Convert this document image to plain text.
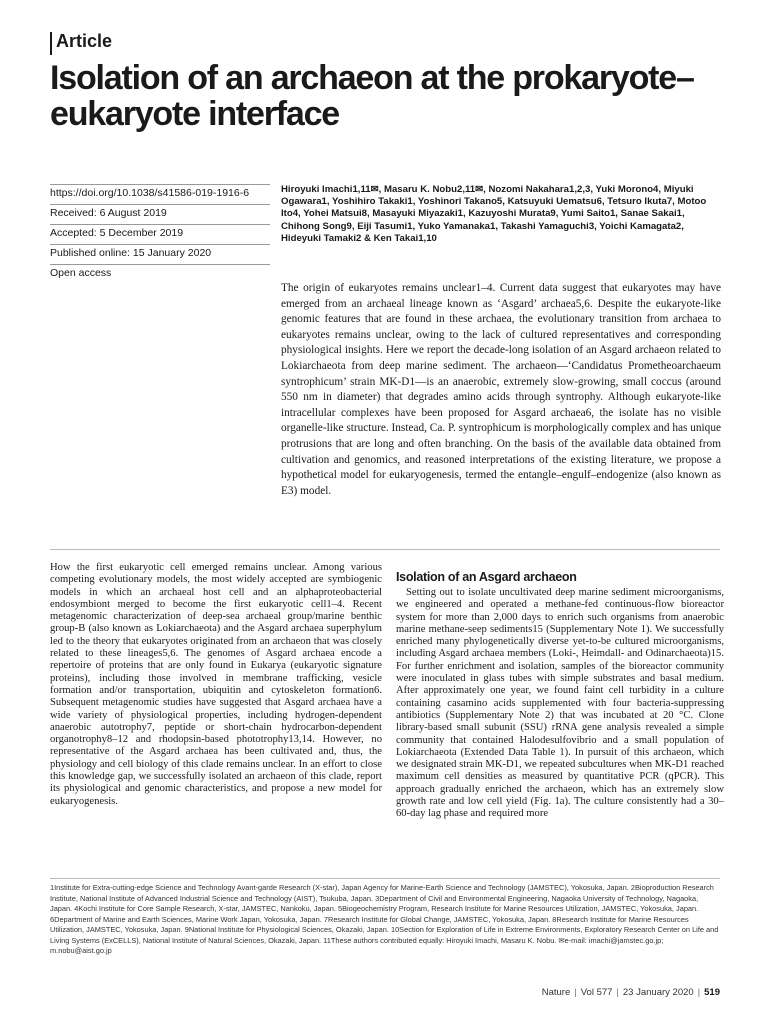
Article
Isolation of an archaeon at the prokaryote–eukaryote interface
https://doi.org/10.1038/s41586-019-1916-6
Received: 6 August 2019
Accepted: 5 December 2019
Published online: 15 January 2020
Open access
Hiroyuki Imachi1,11✉, Masaru K. Nobu2,11✉, Nozomi Nakahara1,2,3, Yuki Morono4, Miyuki Ogawara1, Yoshihiro Takaki1, Yoshinori Takano5, Katsuyuki Uematsu6, Tetsuro Ikuta7, Motoo Ito4, Yohei Matsui8, Masayuki Miyazaki1, Kazuyoshi Murata9, Yumi Saito1, Sanae Sakai1, Chihong Song9, Eiji Tasumi1, Yuko Yamanaka1, Takashi Yamaguchi3, Yoichi Kamagata2, Hideyuki Tamaki2 & Ken Takai1,10
The origin of eukaryotes remains unclear1–4. Current data suggest that eukaryotes may have emerged from an archaeal lineage known as ‘Asgard’ archaea5,6. Despite the eukaryote-like genomic features that are found in these archaea, the evolutionary transition from archaea to eukaryotes remains unclear, owing to the lack of cultured representatives and corresponding physiological insights. Here we report the decade-long isolation of an Asgard archaeon related to Lokiarchaeota from deep marine sediment. The archaeon—‘Candidatus Prometheoarchaeum syntrophicum’ strain MK-D1—is an anaerobic, extremely slow-growing, small coccus (around 550 nm in diameter) that degrades amino acids through syntrophy. Although eukaryote-like intracellular complexes have been proposed for Asgard archaea6, the isolate has no visible organelle-like structure. Instead, Ca. P. syntrophicum is morphologically complex and has unique protrusions that are long and often branching. On the basis of the available data obtained from cultivation and genomics, and reasoned interpretations of the existing literature, we propose a hypothetical model for eukaryogenesis, termed the entangle–engulf–endogenize (also known as E3) model.
How the first eukaryotic cell emerged remains unclear. Among various competing evolutionary models, the most widely accepted are symbiogenic models in which an archaeal host cell and an alphaproteobacterial endosymbiont merged to become the first eukaryotic cell1–4. Recent metagenomic characterization of deep-sea archaeal group/marine benthic group-B (also known as Lokiarchaeota) and the Asgard archaea superphylum led to the theory that eukaryotes originated from an archaeon that was closely related to these lineages5,6. The genomes of Asgard archaea encode a repertoire of proteins that are only found in Eukarya (eukaryotic signature proteins), including those involved in membrane trafficking, vesicle formation and/or transportation, ubiquitin and cytoskeleton formation6. Subsequent metagenomic studies have suggested that Asgard archaea have a wide variety of physiological properties, including hydrogen-dependent anaerobic autotrophy7, peptide or short-chain hydrocarbon-dependent organotrophy8–12 and rhodopsin-based phototrophy13,14. However, no representative of the Asgard archaea has been cultivated and, thus, the physiology and cell biology of this clade remains unclear. In an effort to close this knowledge gap, we successfully isolated an archaeon of this clade, report its physiological and genomic characteristics, and propose a new model for eukaryogenesis.
Isolation of an Asgard archaeon
Setting out to isolate uncultivated deep marine sediment microorganisms, we engineered and operated a methane-fed continuous-flow bioreactor system for more than 2,000 days to enrich such organisms from anaerobic marine methane-seep sediments15 (Supplementary Note 1). We successfully enriched many phylogenetically diverse yet-to-be cultured microorganisms, including Asgard archaea members (Loki-, Heimdall- and Odinarchaeota)15. For further enrichment and isolation, samples of the bioreactor community were inoculated in glass tubes with simple substrates and basal medium. After approximately one year, we found faint cell turbidity in a culture containing casamino acids supplemented with four bacteria-suppressing antibiotics (Supplementary Note 2) that was incubated at 20 °C. Clone library-based small subunit (SSU) rRNA gene analysis revealed a simple community that contained Halodesulfovibrio and a small population of Lokiarchaeota (Extended Data Table 1). In pursuit of this archaeon, which we designated strain MK-D1, we repeated subcultures when MK-D1 reached maximum cell densities as measured by quantitative PCR (qPCR). This approach gradually enriched the archaeon, which has an extremely slow growth rate and low cell yield (Fig. 1a). The culture consistently had a 30–60-day lag phase and required more
1Institute for Extra-cutting-edge Science and Technology Avant-garde Research (X-star), Japan Agency for Marine-Earth Science and Technology (JAMSTEC), Yokosuka, Japan. 2Bioproduction Research Institute, National Institute of Advanced Industrial Science and Technology (AIST), Tsukuba, Japan. 3Department of Civil and Environmental Engineering, Nagaoka University of Technology, Nagaoka, Japan. 4Kochi Institute for Core Sample Research, X-star, JAMSTEC, Nankoku, Japan. 5Biogeochemistry Program, Research Institute for Marine Resources Utilization, JAMSTEC, Yokosuka, Japan. 6Department of Marine and Earth Sciences, Marine Work Japan, Yokosuka, Japan. 7Research Institute for Global Change, JAMSTEC, Yokosuka, Japan. 8Research Institute for Marine Resources Utilization, JAMSTEC, Yokosuka, Japan. 9National Institute for Physiological Sciences, Okazaki, Japan. 10Section for Exploration of Life in Extreme Environments, Exploratory Research Center on Life and Living Systems (ExCELLS), National Institute of Natural Sciences, Okazaki, Japan. 11These authors contributed equally: Hiroyuki Imachi, Masaru K. Nobu. ✉e-mail: imachi@jamstec.go.jp; m.nobu@aist.go.jp
Nature | Vol 577 | 23 January 2020 | 519
